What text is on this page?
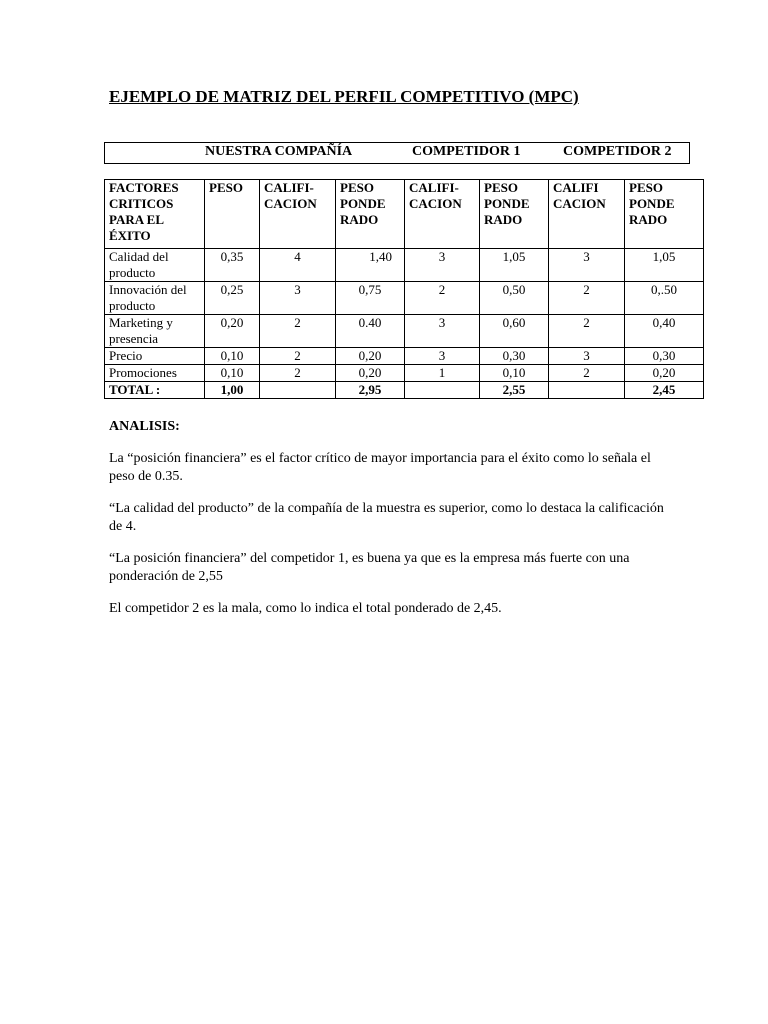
EJEMPLO DE MATRIZ DEL PERFIL COMPETITIVO (MPC)
NUESTRA COMPAÑÍA	COMPETIDOR 1	COMPETIDOR 2
FACTORES CRITICOS PARA EL ÉXITO	PESO	CALIFI-CACION	PESO PONDE RADO	CALIFI-CACION	PESO PONDE RADO	CALIFI CACION	PESO PONDE RADO
Calidad del producto	0,35	4	1,40	3	1,05	3	1,05
Innovación del producto	0,25	3	0,75	2	0,50	2	0,.50
Marketing y presencia	0,20	2	0.40	3	0,60	2	0,40
Precio	0,10	2	0,20	3	0,30	3	0,30
Promociones	0,10	2	0,20	1	0,10	2	0,20
TOTAL :	1,00		2,95		2,55		2,45
ANALISIS:

La “posición financiera” es el factor crítico de mayor importancia para el éxito como lo señala el peso de 0.35.

“La calidad del producto” de la compañía de la muestra es superior, como lo destaca la calificación de 4.

“La posición financiera” del competidor 1, es buena ya que es la empresa más fuerte con una ponderación de 2,55

El competidor 2 es la mala, como lo indica el total ponderado de 2,45.
